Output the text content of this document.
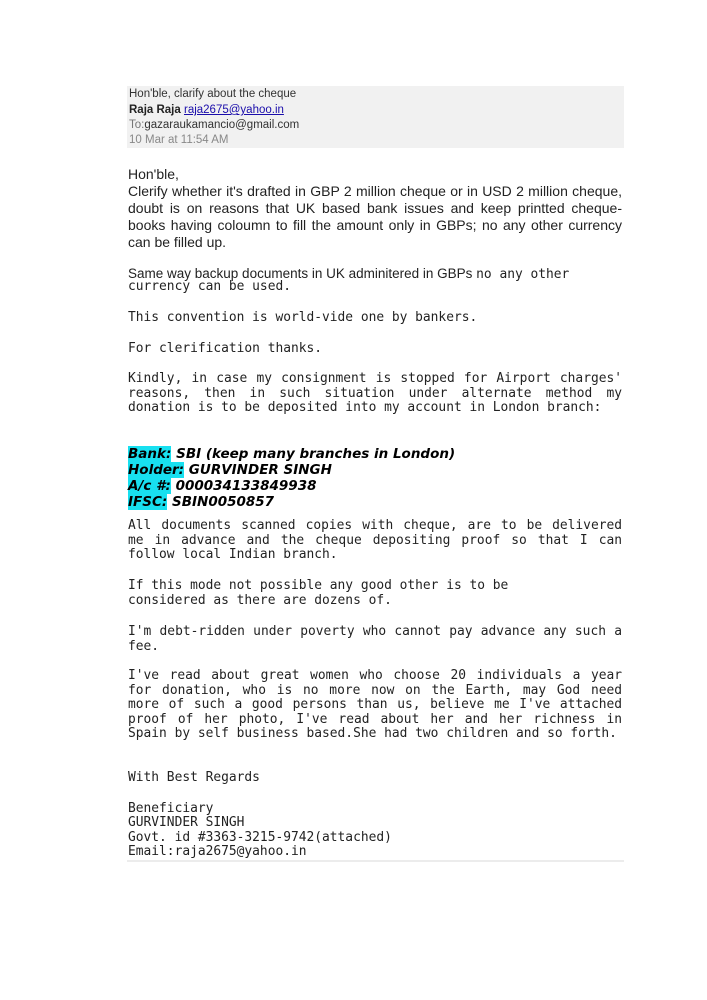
Hon'ble, clarify about the cheque
Raja Raja raja2675@yahoo.in
To:gazaraukamancio@gmail.com
10 Mar at 11:54 AM
Hon'ble,
Clerify whether it's drafted in GBP 2 million cheque or in USD 2 million cheque, doubt is on reasons that UK based bank issues and keep printted cheque-books having coloumn to fill the amount only in GBPs; no any other currency can be filled up.
Same way backup documents in UK adminitered in GBPs no any other
currency can be used.
This convention is world-vide one by bankers.
For clerification thanks.
Kindly, in case my consignment is stopped for Airport charges' reasons, then in such situation under alternate method my donation is to be deposited into my account in London branch:
Bank: SBI (keep many branches in London)
Holder: GURVINDER SINGH
A/c #: 000034133849938
IFSC: SBIN0050857
All documents scanned copies with cheque, are to be delivered me in advance and the cheque depositing proof so that I can follow local Indian branch.
If this mode not possible any good other is to be
considered as there are dozens of.
I'm debt-ridden under poverty who cannot pay advance any such a fee.
I've read about great women who choose 20 individuals a year for donation, who is no more now on the Earth, may God need more of such a good persons than us, believe me I've attached proof of her photo, I've read about her and her richness in Spain by self business based.She had two children and so forth.
With Best Regards
Beneficiary
GURVINDER SINGH
Govt. id #3363-3215-9742(attached)
Email:raja2675@yahoo.in
